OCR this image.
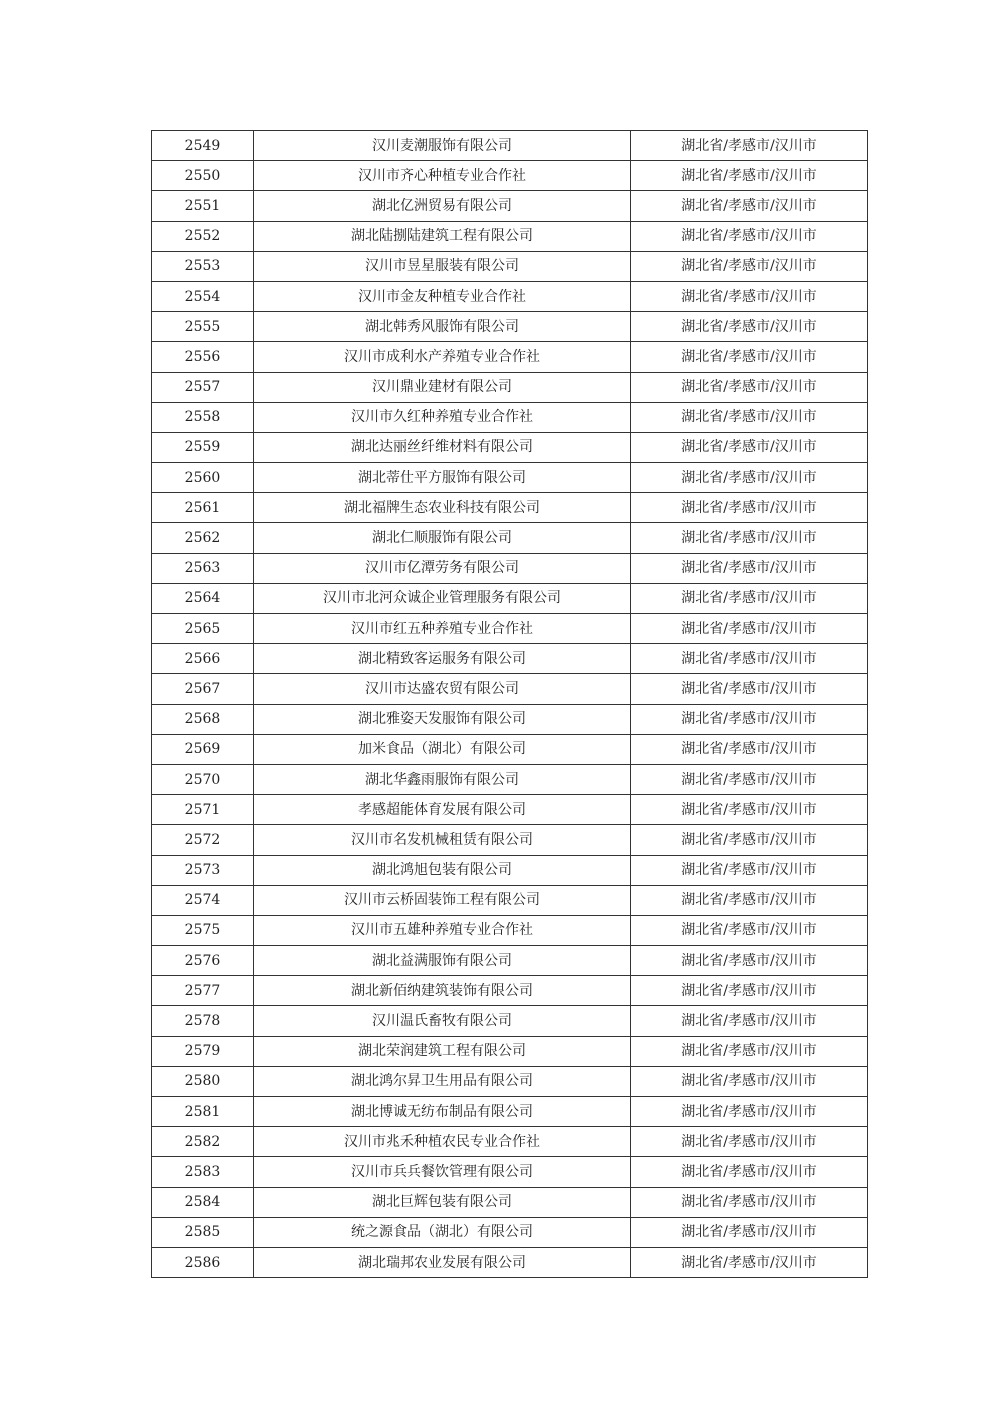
2549	汉川麦潮服饰有限公司	湖北省/孝感市/汉川市
2550	汉川市齐心种植专业合作社	湖北省/孝感市/汉川市
2551	湖北亿洲贸易有限公司	湖北省/孝感市/汉川市
2552	湖北陆捌陆建筑工程有限公司	湖北省/孝感市/汉川市
2553	汉川市昱星服装有限公司	湖北省/孝感市/汉川市
2554	汉川市金友种植专业合作社	湖北省/孝感市/汉川市
2555	湖北韩秀风服饰有限公司	湖北省/孝感市/汉川市
2556	汉川市成利水产养殖专业合作社	湖北省/孝感市/汉川市
2557	汉川鼎业建材有限公司	湖北省/孝感市/汉川市
2558	汉川市久红种养殖专业合作社	湖北省/孝感市/汉川市
2559	湖北达丽丝纤维材料有限公司	湖北省/孝感市/汉川市
2560	湖北蒂仕平方服饰有限公司	湖北省/孝感市/汉川市
2561	湖北福牌生态农业科技有限公司	湖北省/孝感市/汉川市
2562	湖北仁顺服饰有限公司	湖北省/孝感市/汉川市
2563	汉川市亿潭劳务有限公司	湖北省/孝感市/汉川市
2564	汉川市北河众诚企业管理服务有限公司	湖北省/孝感市/汉川市
2565	汉川市红五种养殖专业合作社	湖北省/孝感市/汉川市
2566	湖北精致客运服务有限公司	湖北省/孝感市/汉川市
2567	汉川市达盛农贸有限公司	湖北省/孝感市/汉川市
2568	湖北雅姿天发服饰有限公司	湖北省/孝感市/汉川市
2569	加米食品（湖北）有限公司	湖北省/孝感市/汉川市
2570	湖北华鑫雨服饰有限公司	湖北省/孝感市/汉川市
2571	孝感超能体育发展有限公司	湖北省/孝感市/汉川市
2572	汉川市名发机械租赁有限公司	湖北省/孝感市/汉川市
2573	湖北鸿旭包装有限公司	湖北省/孝感市/汉川市
2574	汉川市云桥固装饰工程有限公司	湖北省/孝感市/汉川市
2575	汉川市五雄种养殖专业合作社	湖北省/孝感市/汉川市
2576	湖北益满服饰有限公司	湖北省/孝感市/汉川市
2577	湖北新佰纳建筑装饰有限公司	湖北省/孝感市/汉川市
2578	汉川温氏畜牧有限公司	湖北省/孝感市/汉川市
2579	湖北荣润建筑工程有限公司	湖北省/孝感市/汉川市
2580	湖北鸿尔昇卫生用品有限公司	湖北省/孝感市/汉川市
2581	湖北博诚无纺布制品有限公司	湖北省/孝感市/汉川市
2582	汉川市兆禾种植农民专业合作社	湖北省/孝感市/汉川市
2583	汉川市兵兵餐饮管理有限公司	湖北省/孝感市/汉川市
2584	湖北巨辉包装有限公司	湖北省/孝感市/汉川市
2585	统之源食品（湖北）有限公司	湖北省/孝感市/汉川市
2586	湖北瑞邦农业发展有限公司	湖北省/孝感市/汉川市
